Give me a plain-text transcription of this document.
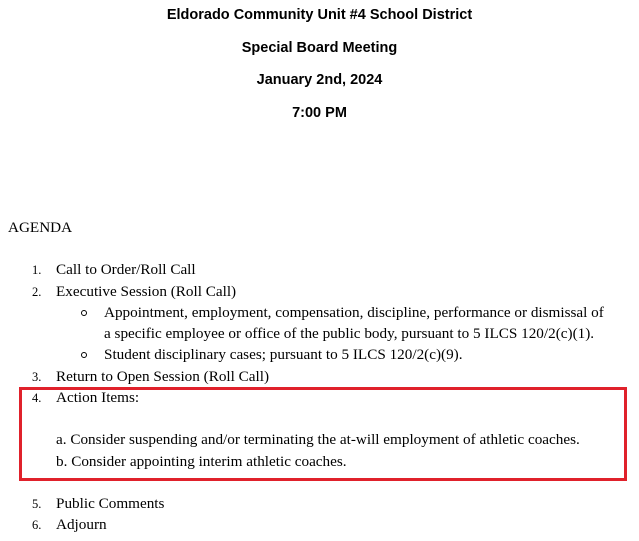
Eldorado Community Unit #4 School District
Special Board Meeting
January 2nd, 2024
7:00 PM
AGENDA
1. Call to Order/Roll Call
2. Executive Session (Roll Call)
Appointment, employment, compensation, discipline, performance or dismissal of
a specific employee or office of the public body, pursuant to 5 ILCS 120/2(c)(1).
Student disciplinary cases; pursuant to 5 ILCS 120/2(c)(9).
3. Return to Open Session (Roll Call)
4. Action Items:
a. Consider suspending and/or terminating the at-will employment of athletic coaches.
b. Consider appointing interim athletic coaches.
5. Public Comments
6. Adjourn
